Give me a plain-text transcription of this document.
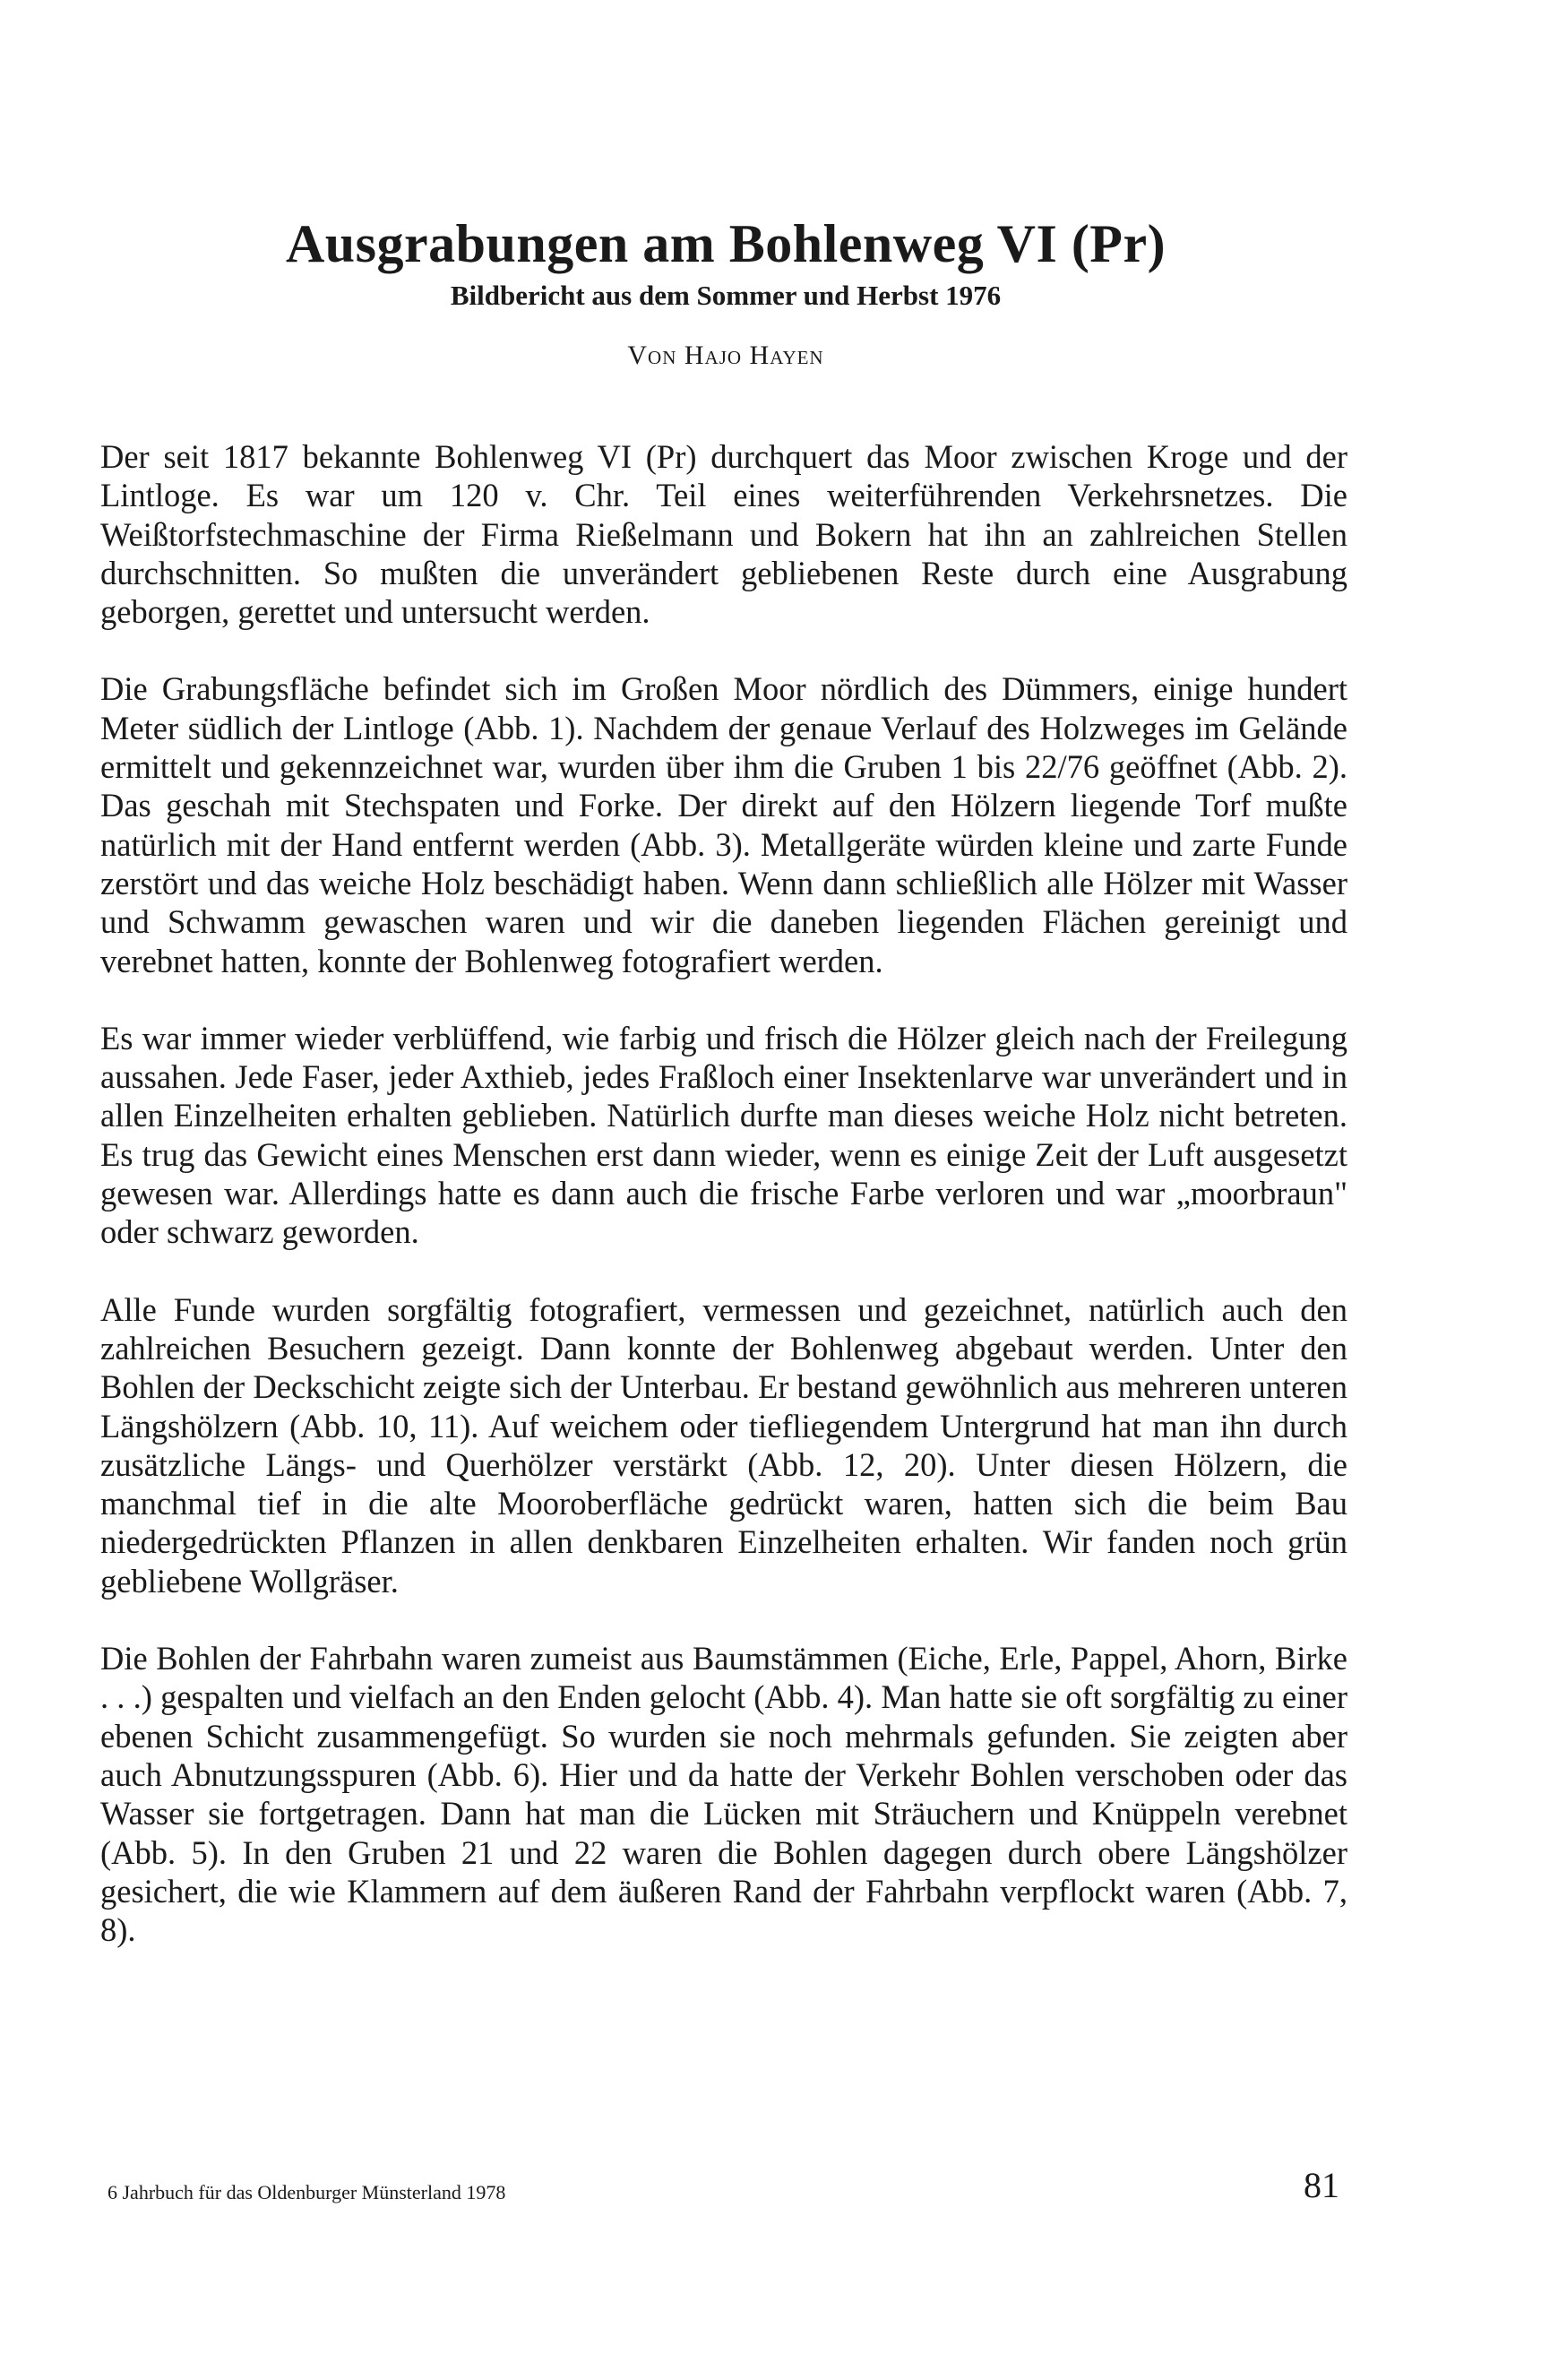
Ausgrabungen am Bohlenweg VI (Pr)
Bildbericht aus dem Sommer und Herbst 1976
Von Hajo Hayen

Der seit 1817 bekannte Bohlenweg VI (Pr) durchquert das Moor zwischen Kroge und der Lintloge. Es war um 120 v. Chr. Teil eines weiterführenden Verkehrsnetzes. Die Weißtorfstechmaschine der Firma Rießelmann und Bokern hat ihn an zahlreichen Stellen durchschnitten. So mußten die unverändert gebliebenen Reste durch eine Ausgrabung geborgen, gerettet und untersucht werden.

Die Grabungsfläche befindet sich im Großen Moor nördlich des Dümmers, einige hundert Meter südlich der Lintloge (Abb. 1). Nachdem der genaue Verlauf des Holzweges im Gelände ermittelt und gekennzeichnet war, wurden über ihm die Gruben 1 bis 22/76 geöffnet (Abb. 2). Das geschah mit Stechspaten und Forke. Der direkt auf den Hölzern liegende Torf mußte natürlich mit der Hand entfernt werden (Abb. 3). Metallgeräte würden kleine und zarte Funde zerstört und das weiche Holz beschädigt haben. Wenn dann schließlich alle Hölzer mit Wasser und Schwamm gewaschen waren und wir die daneben liegenden Flächen gereinigt und verebnet hatten, konnte der Bohlenweg fotografiert werden.

Es war immer wieder verblüffend, wie farbig und frisch die Hölzer gleich nach der Freilegung aussahen. Jede Faser, jeder Axthieb, jedes Fraßloch einer Insektenlarve war unverändert und in allen Einzelheiten erhalten geblieben. Natürlich durfte man dieses weiche Holz nicht betreten. Es trug das Gewicht eines Menschen erst dann wieder, wenn es einige Zeit der Luft ausgesetzt gewesen war. Allerdings hatte es dann auch die frische Farbe verloren und war „moorbraun" oder schwarz geworden.

Alle Funde wurden sorgfältig fotografiert, vermessen und gezeichnet, natürlich auch den zahlreichen Besuchern gezeigt. Dann konnte der Bohlenweg abgebaut werden. Unter den Bohlen der Deckschicht zeigte sich der Unterbau. Er bestand gewöhnlich aus mehreren unteren Längshölzern (Abb. 10, 11). Auf weichem oder tiefliegendem Untergrund hat man ihn durch zusätzliche Längs- und Querhölzer verstärkt (Abb. 12, 20). Unter diesen Hölzern, die manchmal tief in die alte Mooroberfläche gedrückt waren, hatten sich die beim Bau niedergedrückten Pflanzen in allen denkbaren Einzelheiten erhalten. Wir fanden noch grün gebliebene Wollgräser.

Die Bohlen der Fahrbahn waren zumeist aus Baumstämmen (Eiche, Erle, Pappel, Ahorn, Birke . . .) gespalten und vielfach an den Enden gelocht (Abb. 4). Man hatte sie oft sorgfältig zu einer ebenen Schicht zusammengefügt. So wurden sie noch mehrmals gefunden. Sie zeigten aber auch Abnutzungsspuren (Abb. 6). Hier und da hatte der Verkehr Bohlen verschoben oder das Wasser sie fortgetragen. Dann hat man die Lücken mit Sträuchern und Knüppeln verebnet (Abb. 5). In den Gruben 21 und 22 waren die Bohlen dagegen durch obere Längshölzer gesichert, die wie Klammern auf dem äußeren Rand der Fahrbahn verpflockt waren (Abb. 7, 8).

6 Jahrbuch für das Oldenburger Münsterland 1978	81
